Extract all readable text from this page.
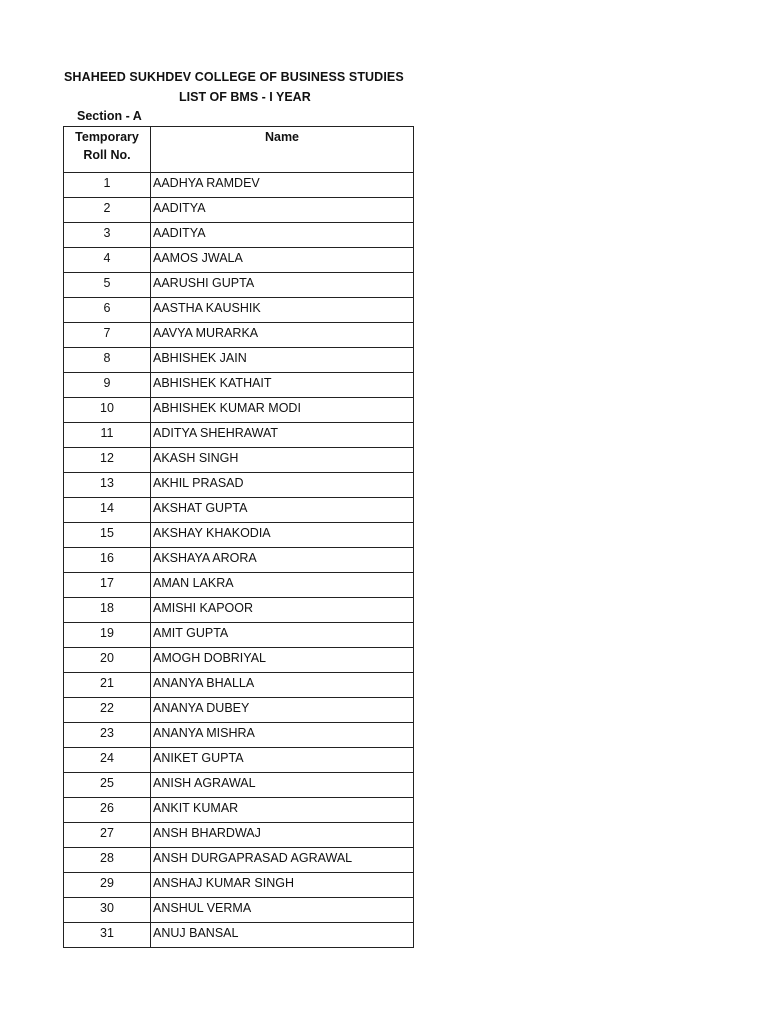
SHAHEED SUKHDEV COLLEGE OF BUSINESS STUDIES
LIST OF BMS - I YEAR
Section - A
Temporary
Roll No.	Name
1	AADHYA RAMDEV
2	AADITYA
3	AADITYA
4	AAMOS JWALA
5	AARUSHI GUPTA
6	AASTHA KAUSHIK
7	AAVYA MURARKA
8	ABHISHEK JAIN
9	ABHISHEK KATHAIT
10	ABHISHEK KUMAR MODI
11	ADITYA SHEHRAWAT
12	AKASH SINGH
13	AKHIL PRASAD
14	AKSHAT GUPTA
15	AKSHAY KHAKODIA
16	AKSHAYA ARORA
17	AMAN LAKRA
18	AMISHI KAPOOR
19	AMIT GUPTA
20	AMOGH DOBRIYAL
21	ANANYA BHALLA
22	ANANYA DUBEY
23	ANANYA MISHRA
24	ANIKET GUPTA
25	ANISH AGRAWAL
26	ANKIT KUMAR
27	ANSH BHARDWAJ
28	ANSH DURGAPRASAD AGRAWAL
29	ANSHAJ KUMAR SINGH
30	ANSHUL VERMA
31	ANUJ BANSAL
